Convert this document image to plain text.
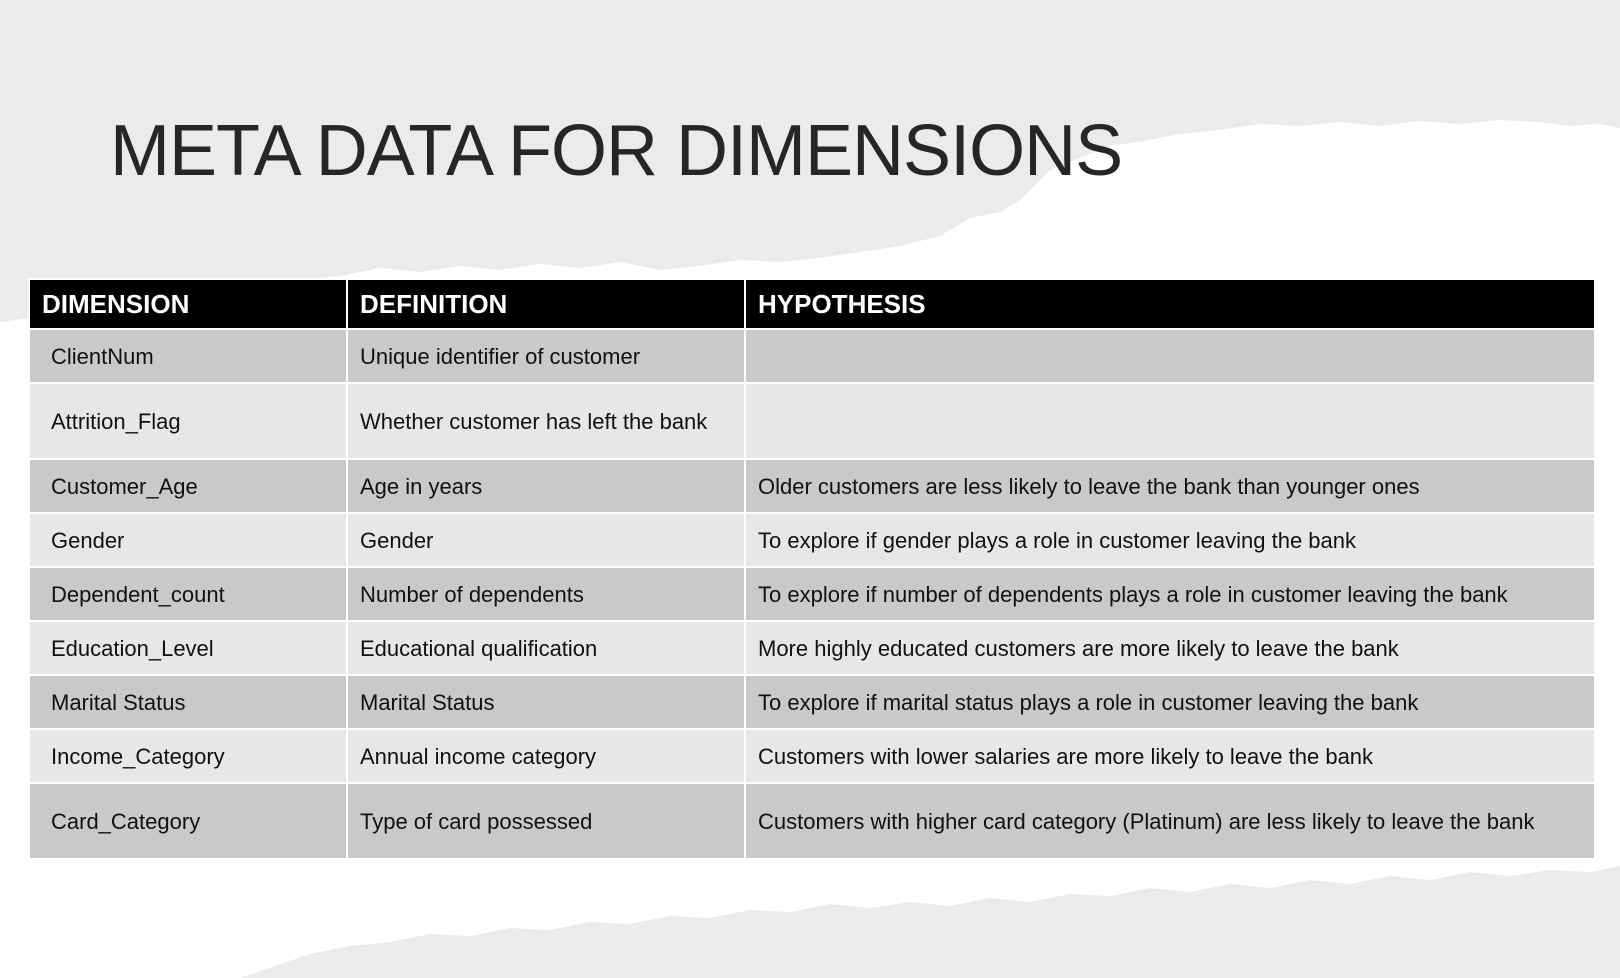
META DATA FOR DIMENSIONS
DIMENSION	DEFINITION	HYPOTHESIS
ClientNum	Unique identifier of customer	
Attrition_Flag	Whether customer has left the bank	
Customer_Age	Age in years	Older customers are less likely to leave the bank than younger ones
Gender	Gender	To explore if gender plays a role in customer leaving the bank
Dependent_count	Number of dependents	To explore if number of dependents plays a role in customer leaving the bank
Education_Level	Educational qualification	More highly educated customers are more likely to leave the bank
Marital Status	Marital Status	To explore if marital status plays a role in customer leaving the bank
Income_Category	Annual income category	Customers with lower salaries are more likely to leave the bank
Card_Category	Type of card possessed	Customers with higher card category (Platinum) are less likely to leave the bank
